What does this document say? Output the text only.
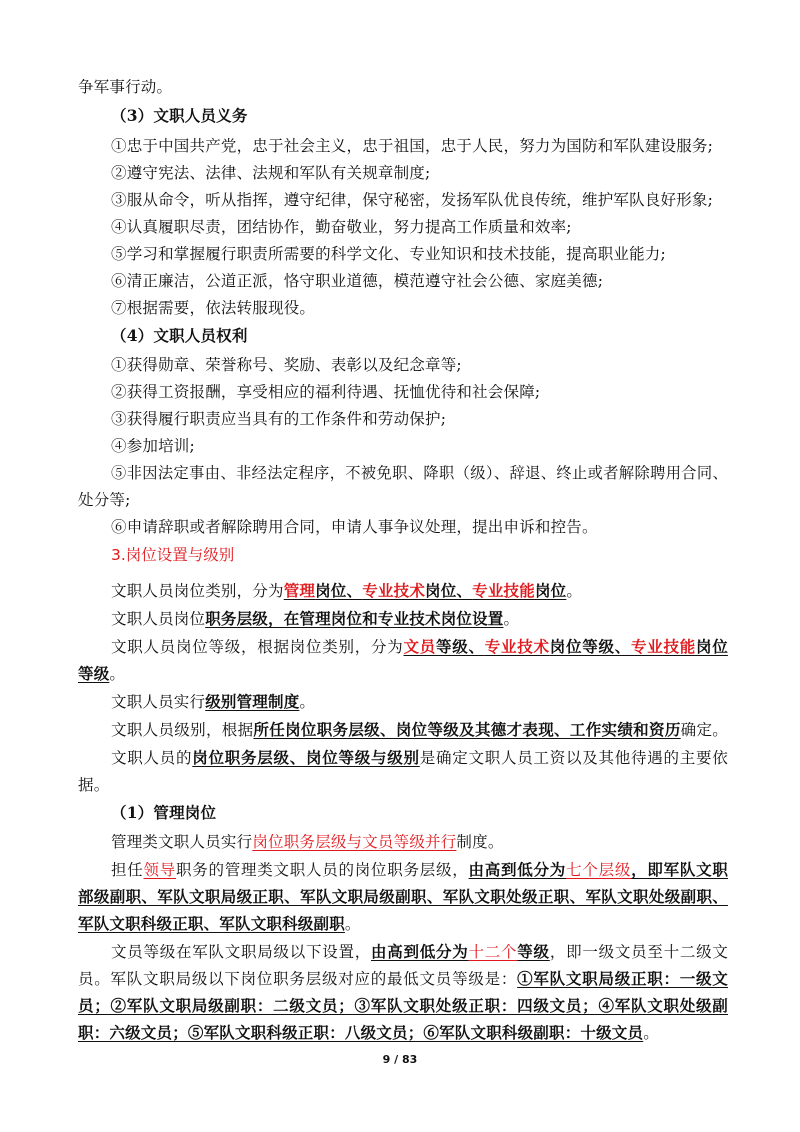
争军事行动。
（3）文职人员义务
①忠于中国共产党，忠于社会主义，忠于祖国，忠于人民，努力为国防和军队建设服务;
②遵守宪法、法律、法规和军队有关规章制度;
③服从命令，听从指挥，遵守纪律，保守秘密，发扬军队优良传统，维护军队良好形象;
④认真履职尽责，团结协作，勤奋敬业，努力提高工作质量和效率;
⑤学习和掌握履行职责所需要的科学文化、专业知识和技术技能，提高职业能力;
⑥清正廉洁，公道正派，恪守职业道德，模范遵守社会公德、家庭美德;
⑦根据需要，依法转服现役。
（4）文职人员权利
①获得勋章、荣誉称号、奖励、表彰以及纪念章等;
②获得工资报酬，享受相应的福利待遇、抚恤优待和社会保障;
③获得履行职责应当具有的工作条件和劳动保护;
④参加培训;
⑤非因法定事由、非经法定程序，不被免职、降职（级）、辞退、终止或者解除聘用合同、
处分等;
⑥申请辞职或者解除聘用合同，申请人事争议处理，提出申诉和控告。
3.岗位设置与级别
文职人员岗位类别，分为管理岗位、专业技术岗位、专业技能岗位。
文职人员岗位职务层级，在管理岗位和专业技术岗位设置。
文职人员岗位等级，根据岗位类别，分为文员等级、专业技术岗位等级、专业技能岗位
等级。
文职人员实行级别管理制度。
文职人员级别，根据所任岗位职务层级、岗位等级及其德才表现、工作实绩和资历确定。
文职人员的岗位职务层级、岗位等级与级别是确定文职人员工资以及其他待遇的主要依
据。
（1）管理岗位
管理类文职人员实行岗位职务层级与文员等级并行制度。
担任领导职务的管理类文职人员的岗位职务层级，由高到低分为七个层级，即军队文职
部级副职、军队文职局级正职、军队文职局级副职、军队文职处级正职、军队文职处级副职、
军队文职科级正职、军队文职科级副职。
文员等级在军队文职局级以下设置，由高到低分为十二个等级，即一级文员至十二级文
员。军队文职局级以下岗位职务层级对应的最低文员等级是：①军队文职局级正职：一级文
员；②军队文职局级副职：二级文员；③军队文职处级正职：四级文员；④军队文职处级副
职：六级文员；⑤军队文职科级正职：八级文员；⑥军队文职科级副职：十级文员。
9 / 83
